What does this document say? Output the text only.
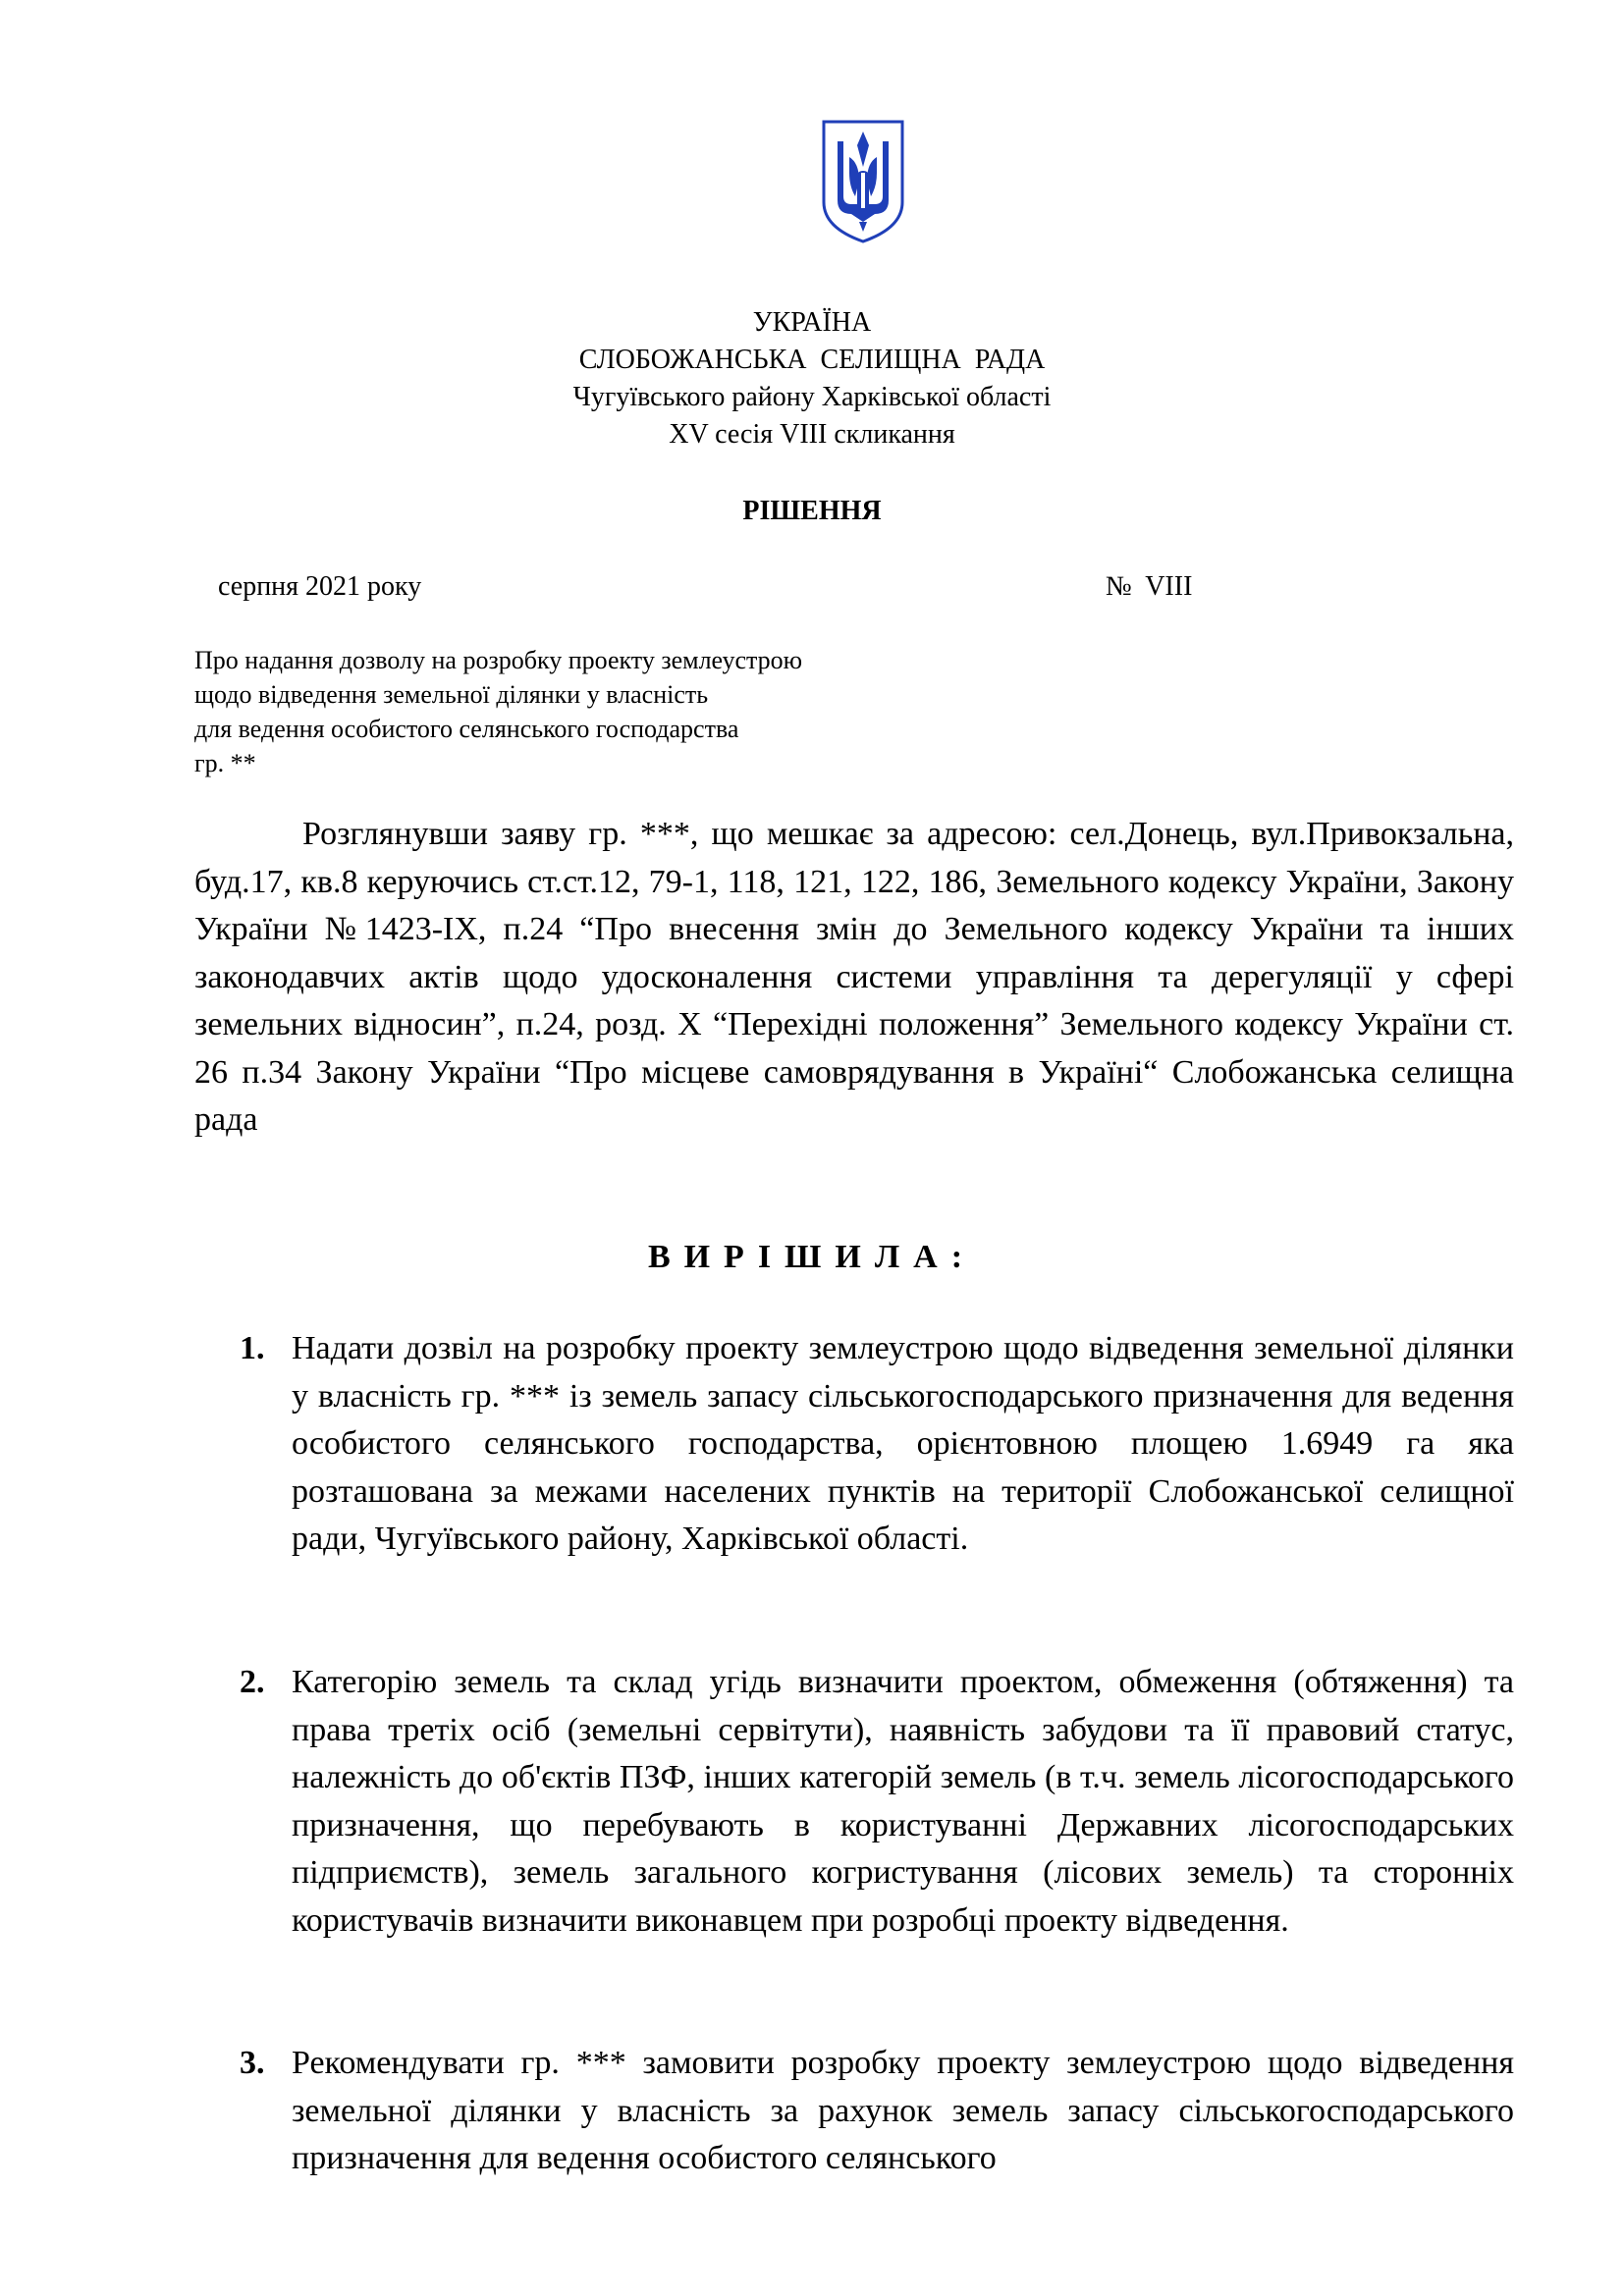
УКРАЇНА
СЛОБОЖАНСЬКА  СЕЛИЩНА  РАДА
Чугуївського району Харківської області
XV сесія VIII скликання
РІШЕННЯ
серпня 2021 року	№  VIII
Про надання дозволу на розробку проекту землеустрою
щодо відведення земельної ділянки у власність
для ведення особистого селянського господарства
гр. **
Розглянувши заяву гр. ***, що мешкає за адресою: сел.Донець, вул.Привокзальна, буд.17, кв.8 керуючись ст.ст.12, 79-1, 118, 121, 122, 186, Земельного кодексу України, Закону України №1423-IX, п.24 “Про внесення змін до Земельного кодексу України та інших законодавчих актів щодо удосконалення системи управління та дерегуляції у сфері земельних відносин”, п.24, розд. X “Перехідні положення” Земельного кодексу України ст. 26 п.34 Закону України “Про місцеве самоврядування в Україні“ Слобожанська селищна рада
ВИРІШИЛА:
1. Надати дозвіл на розробку проекту землеустрою щодо відведення земельної ділянки у власність гр. *** із земель запасу сільськогосподарського призначення для ведення особистого селянського господарства, орієнтовною площею 1.6949 га яка розташована за межами населених пунктів на території Слобожанської селищної ради, Чугуївського району, Харківської області.
2. Категорію земель та склад угідь визначити проектом, обмеження (обтяження) та права третіх осіб (земельні сервітути), наявність забудови та її правовий статус, належність до об'єктів ПЗФ, інших категорій земель (в т.ч. земель лісогосподарського призначення, що перебувають в користуванні Державних лісогосподарських підприємств), земель загального когристування (лісових земель) та сторонніх користувачів визначити виконавцем при розробці проекту відведення.
3. Рекомендувати гр. *** замовити розробку проекту землеустрою щодо відведення земельної ділянки у власність за рахунок земель запасу сільськогосподарського призначення для ведення особистого селянського
